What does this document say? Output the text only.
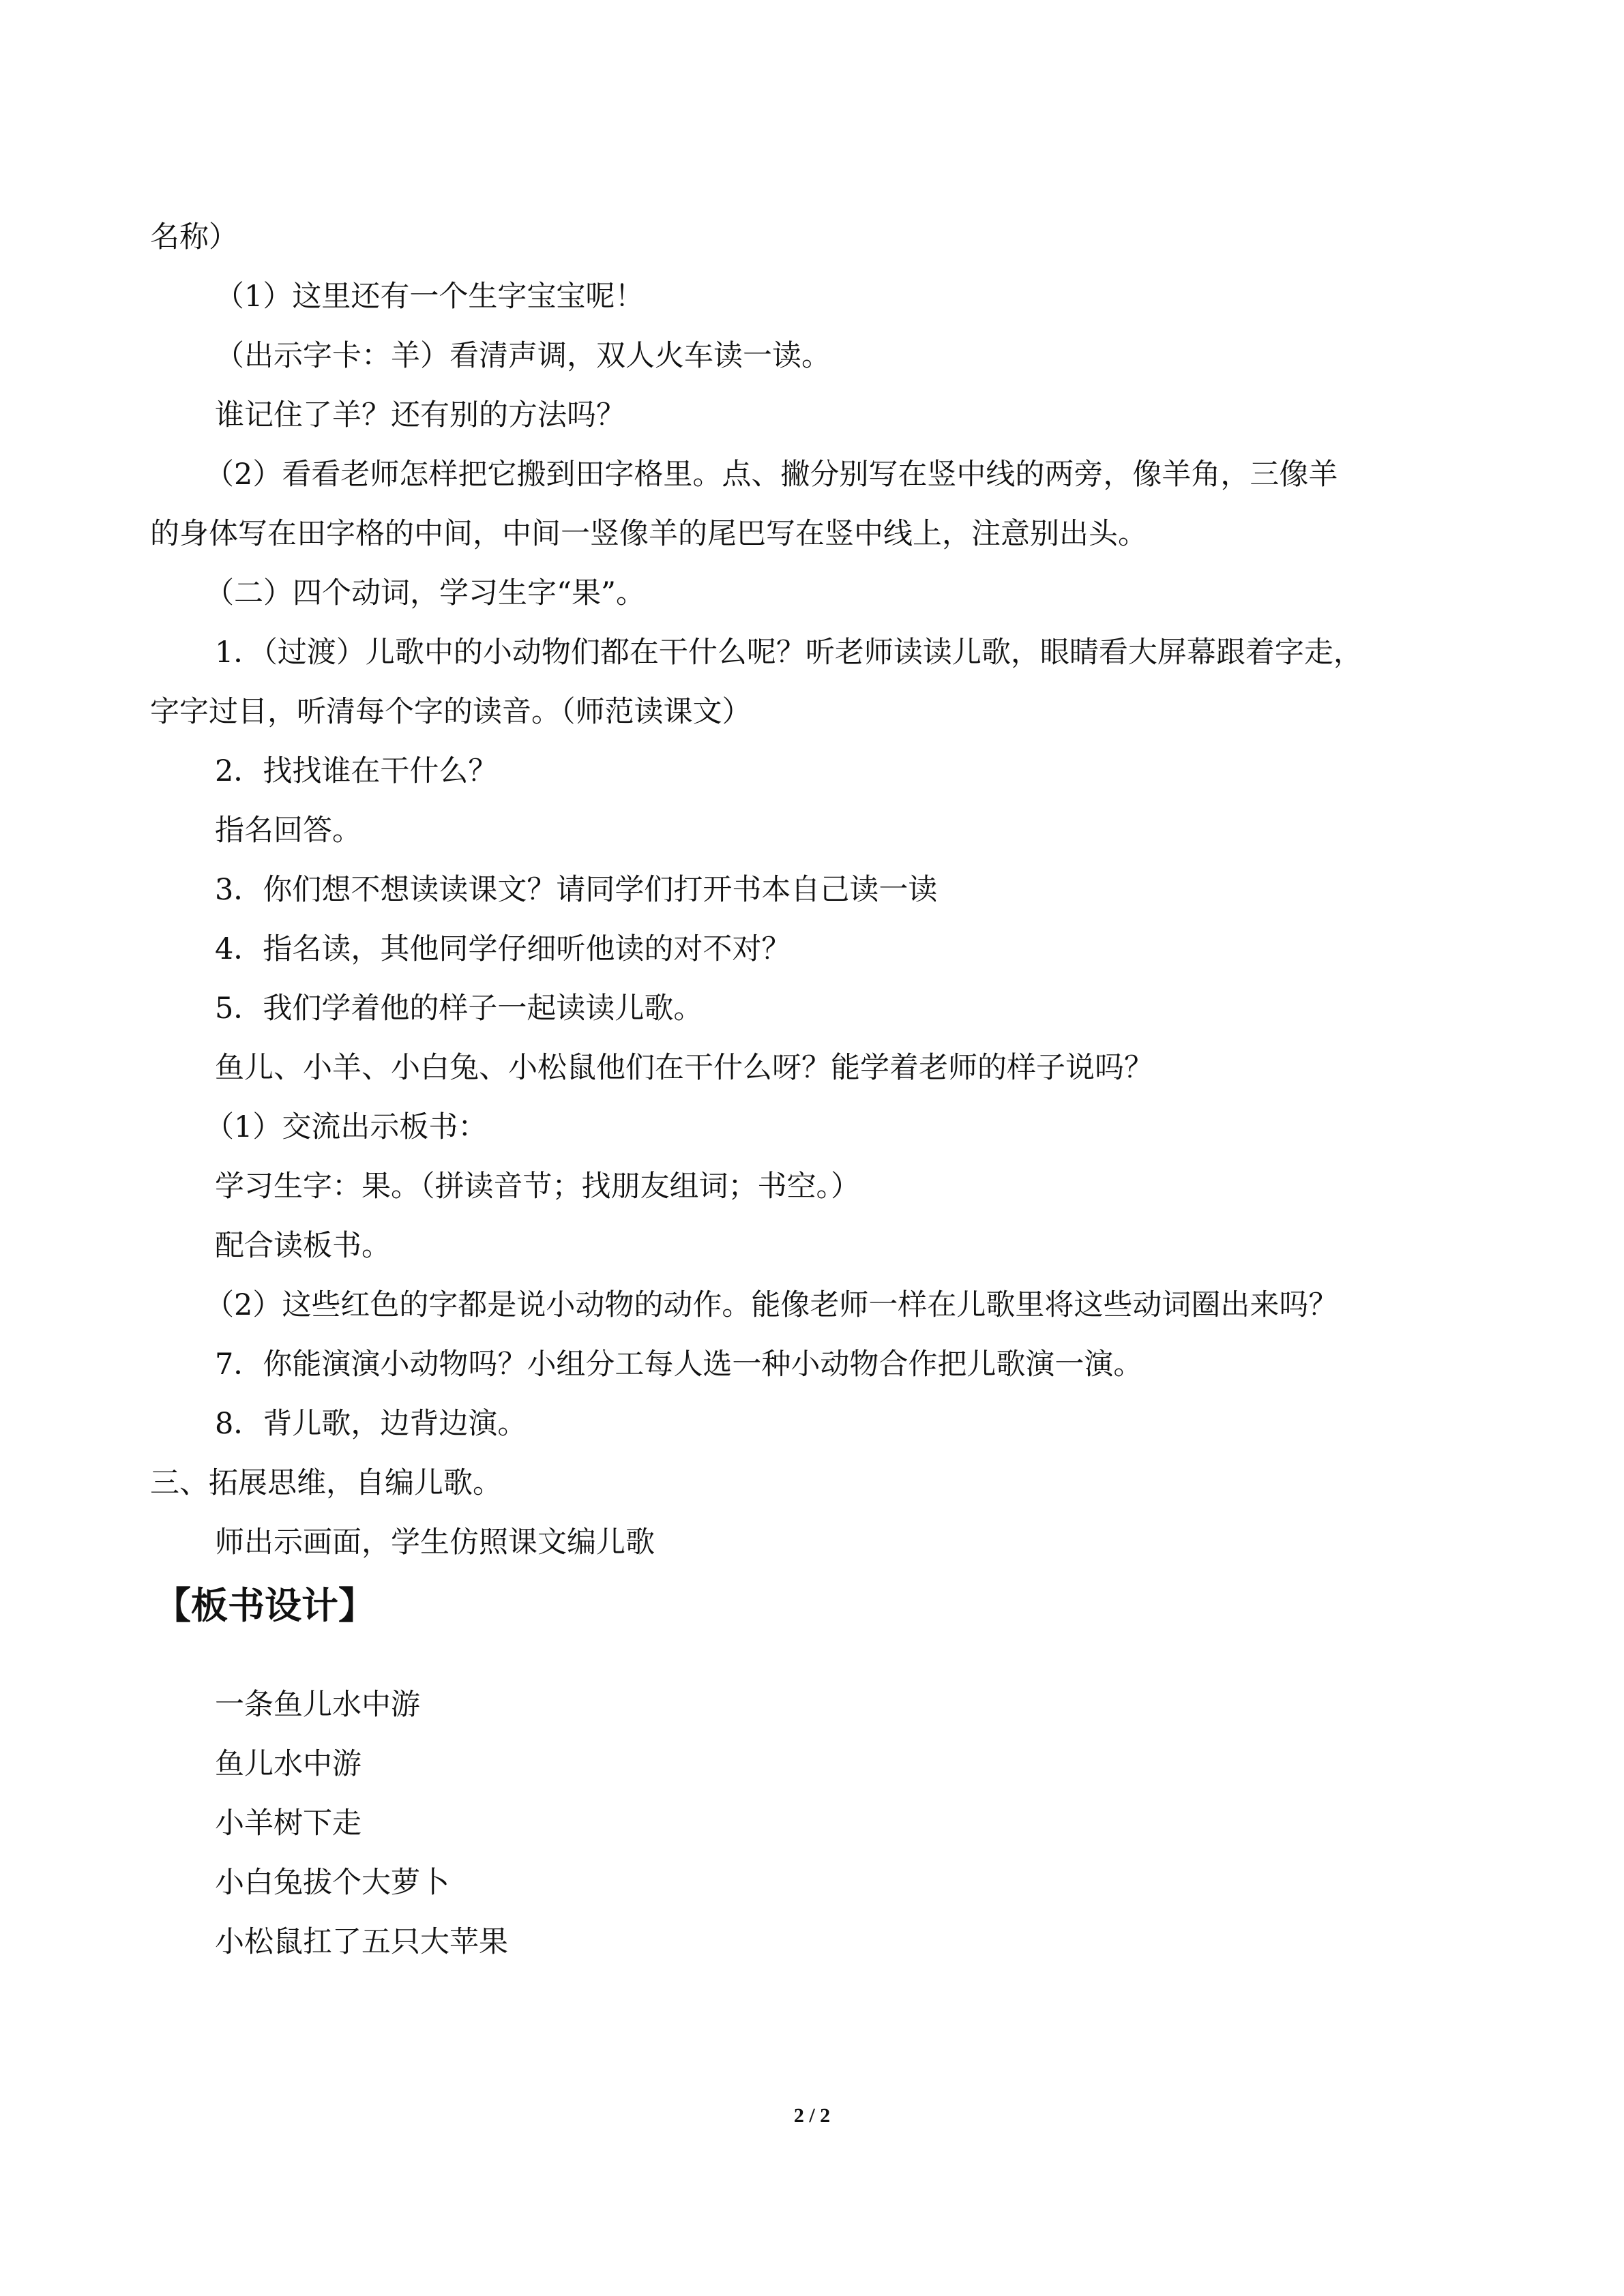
名称）
（1）这里还有一个生字宝宝呢！
（出示字卡：羊）看清声调，双人火车读一读。
谁记住了羊？还有别的方法吗？
（2）看看老师怎样把它搬到田字格里。点、撇分别写在竖中线的两旁，像羊角，三像羊
的身体写在田字格的中间，中间一竖像羊的尾巴写在竖中线上，注意别出头。
（二）四个动词，学习生字“果”。
1．（过渡）儿歌中的小动物们都在干什么呢？听老师读读儿歌，眼睛看大屏幕跟着字走，
字字过目，听清每个字的读音。（师范读课文）
2．找找谁在干什么？
指名回答。
3．你们想不想读读课文？请同学们打开书本自己读一读
4．指名读，其他同学仔细听他读的对不对？
5．我们学着他的样子一起读读儿歌。
鱼儿、小羊、小白兔、小松鼠他们在干什么呀？能学着老师的样子说吗？
（1）交流出示板书：
学习生字：果。（拼读音节；找朋友组词；书空。）
配合读板书。
（2）这些红色的字都是说小动物的动作。能像老师一样在儿歌里将这些动词圈出来吗？
7．你能演演小动物吗？小组分工每人选一种小动物合作把儿歌演一演。
8．背儿歌，边背边演。
三、拓展思维，自编儿歌。
师出示画面，学生仿照课文编儿歌
【板书设计】
一条鱼儿水中游
鱼儿水中游
小羊树下走
小白兔拔个大萝卜
小松鼠扛了五只大苹果
2 / 2
